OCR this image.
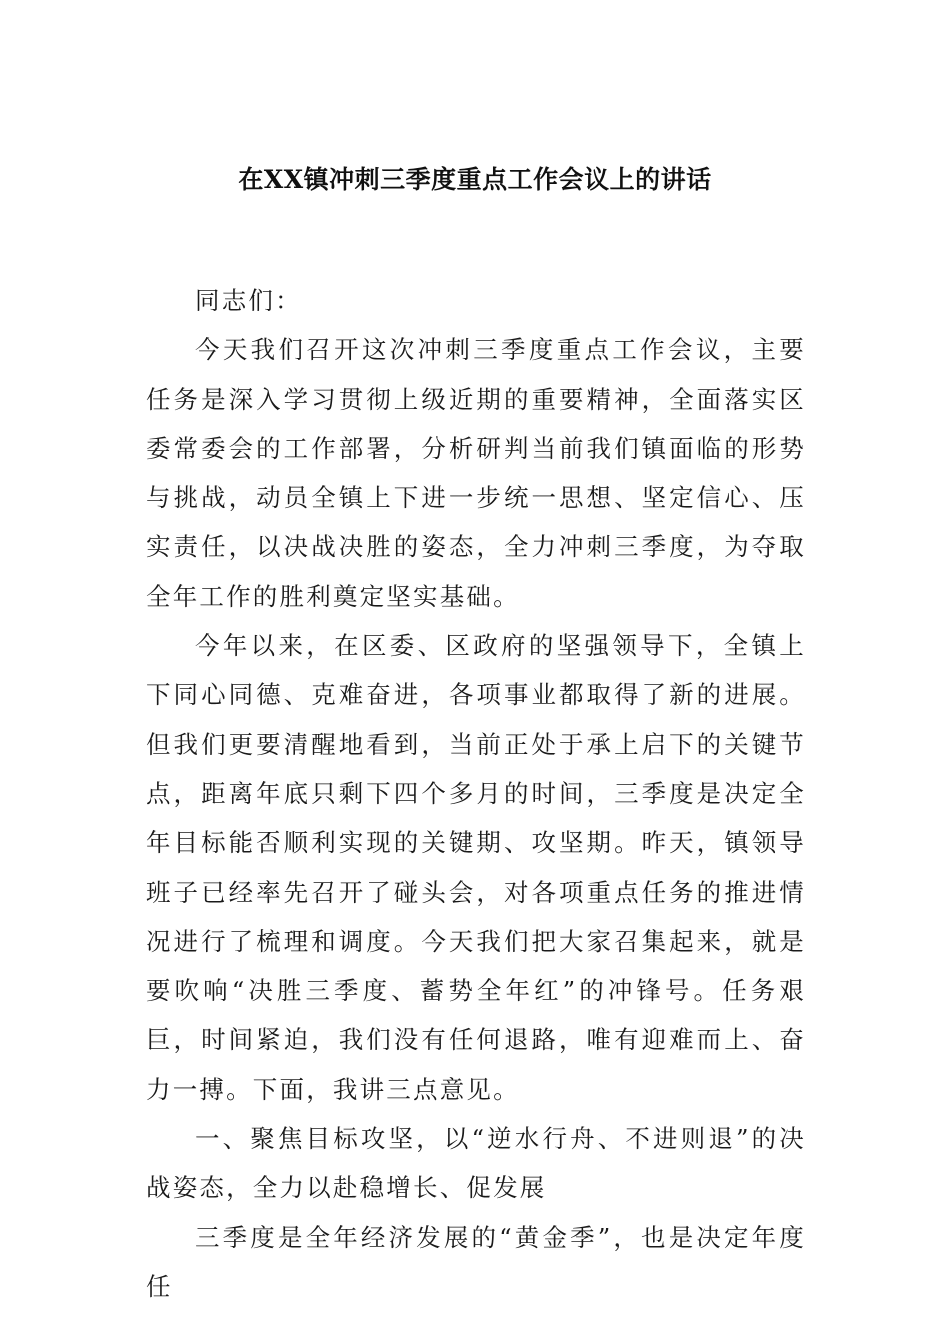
在XX镇冲刺三季度重点工作会议上的讲话

同志们：

今天我们召开这次冲刺三季度重点工作会议，主要任务是深入学习贯彻上级近期的重要精神，全面落实区委常委会的工作部署，分析研判当前我们镇面临的形势与挑战，动员全镇上下进一步统一思想、坚定信心、压实责任，以决战决胜的姿态，全力冲刺三季度，为夺取全年工作的胜利奠定坚实基础。

今年以来，在区委、区政府的坚强领导下，全镇上下同心同德、克难奋进，各项事业都取得了新的进展。但我们更要清醒地看到，当前正处于承上启下的关键节点，距离年底只剩下四个多月的时间，三季度是决定全年目标能否顺利实现的关键期、攻坚期。昨天，镇领导班子已经率先召开了碰头会，对各项重点任务的推进情况进行了梳理和调度。今天我们把大家召集起来，就是要吹响“决胜三季度、蓄势全年红”的冲锋号。任务艰巨，时间紧迫，我们没有任何退路，唯有迎难而上、奋力一搏。下面，我讲三点意见。

一、聚焦目标攻坚，以“逆水行舟、不进则退”的决战姿态，全力以赴稳增长、促发展

三季度是全年经济发展的“黄金季”，也是决定年度任
